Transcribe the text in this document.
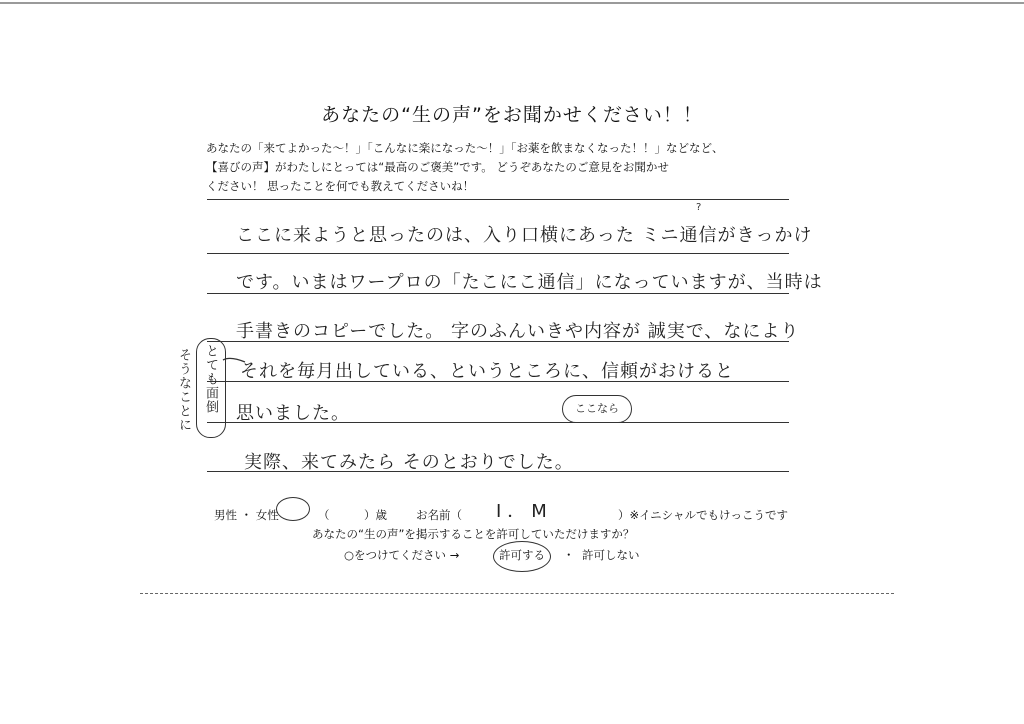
あなたの“生の声”をお聞かせください！！
あなたの「来てよかった～！」「こんなに楽になった～！」「お薬を飲まなくなった！！」などなど、
【喜びの声】がわたしにとっては“最高のご褒美”です。 どうぞあなたのご意見をお聞かせ
ください！ 思ったことを何でも教えてくださいね！
ここに来ようと思ったのは、入り口横にあった ミニ通信がきっかけ
?
です。いまはワープロの「たこにこ通信」になっていますが、当時は
手書きのコピーでした。 字のふんいきや内容が 誠実で、なにより
それを毎月出している、というところに、信頼がおけると
思いました。
実際、来てみたら そのとおりでした。
とても面倒
そうなことに	ここなら
男性 ・ 女性	（　　　）歳	お名前（ I．M	）※イニシャルでもけっこうです
あなたの“生の声”を掲示することを許可していただけますか？
○をつけてください →	許可する ・ 許可しない
